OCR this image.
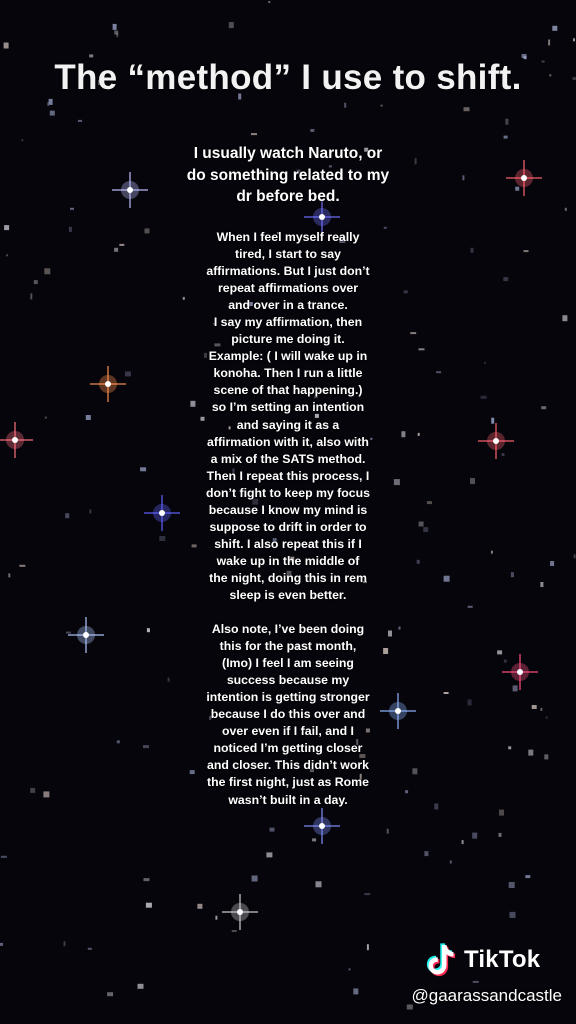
The “method” I use to shift.
I usually watch Naruto, or
do something related to my
dr before bed.
When I feel myself really
tired, I start to say
affirmations. But I just don’t
repeat affirmations over
and over in a trance.
I say my affirmation, then
picture me doing it.
Example: ( I will wake up in
konoha. Then I run a little
scene of that happening.)
so I’m setting an intention
and saying it as a
affirmation with it, also with
a mix of the SATS method.
Then I repeat this process, I
don’t fight to keep my focus
because I know my mind is
suppose to drift in order to
shift. I also repeat this if I
wake up in the middle of
the night, doing this in rem
sleep is even better.
Also note, I’ve been doing
this for the past month,
(Imo) I feel I am seeing
success because my
intention is getting stronger
because I do this over and
over even if I fail, and I
noticed I’m getting closer
and closer. This didn’t work
the first night, just as Rome
wasn’t built in a day.
TikTok
@gaarassandcastle
